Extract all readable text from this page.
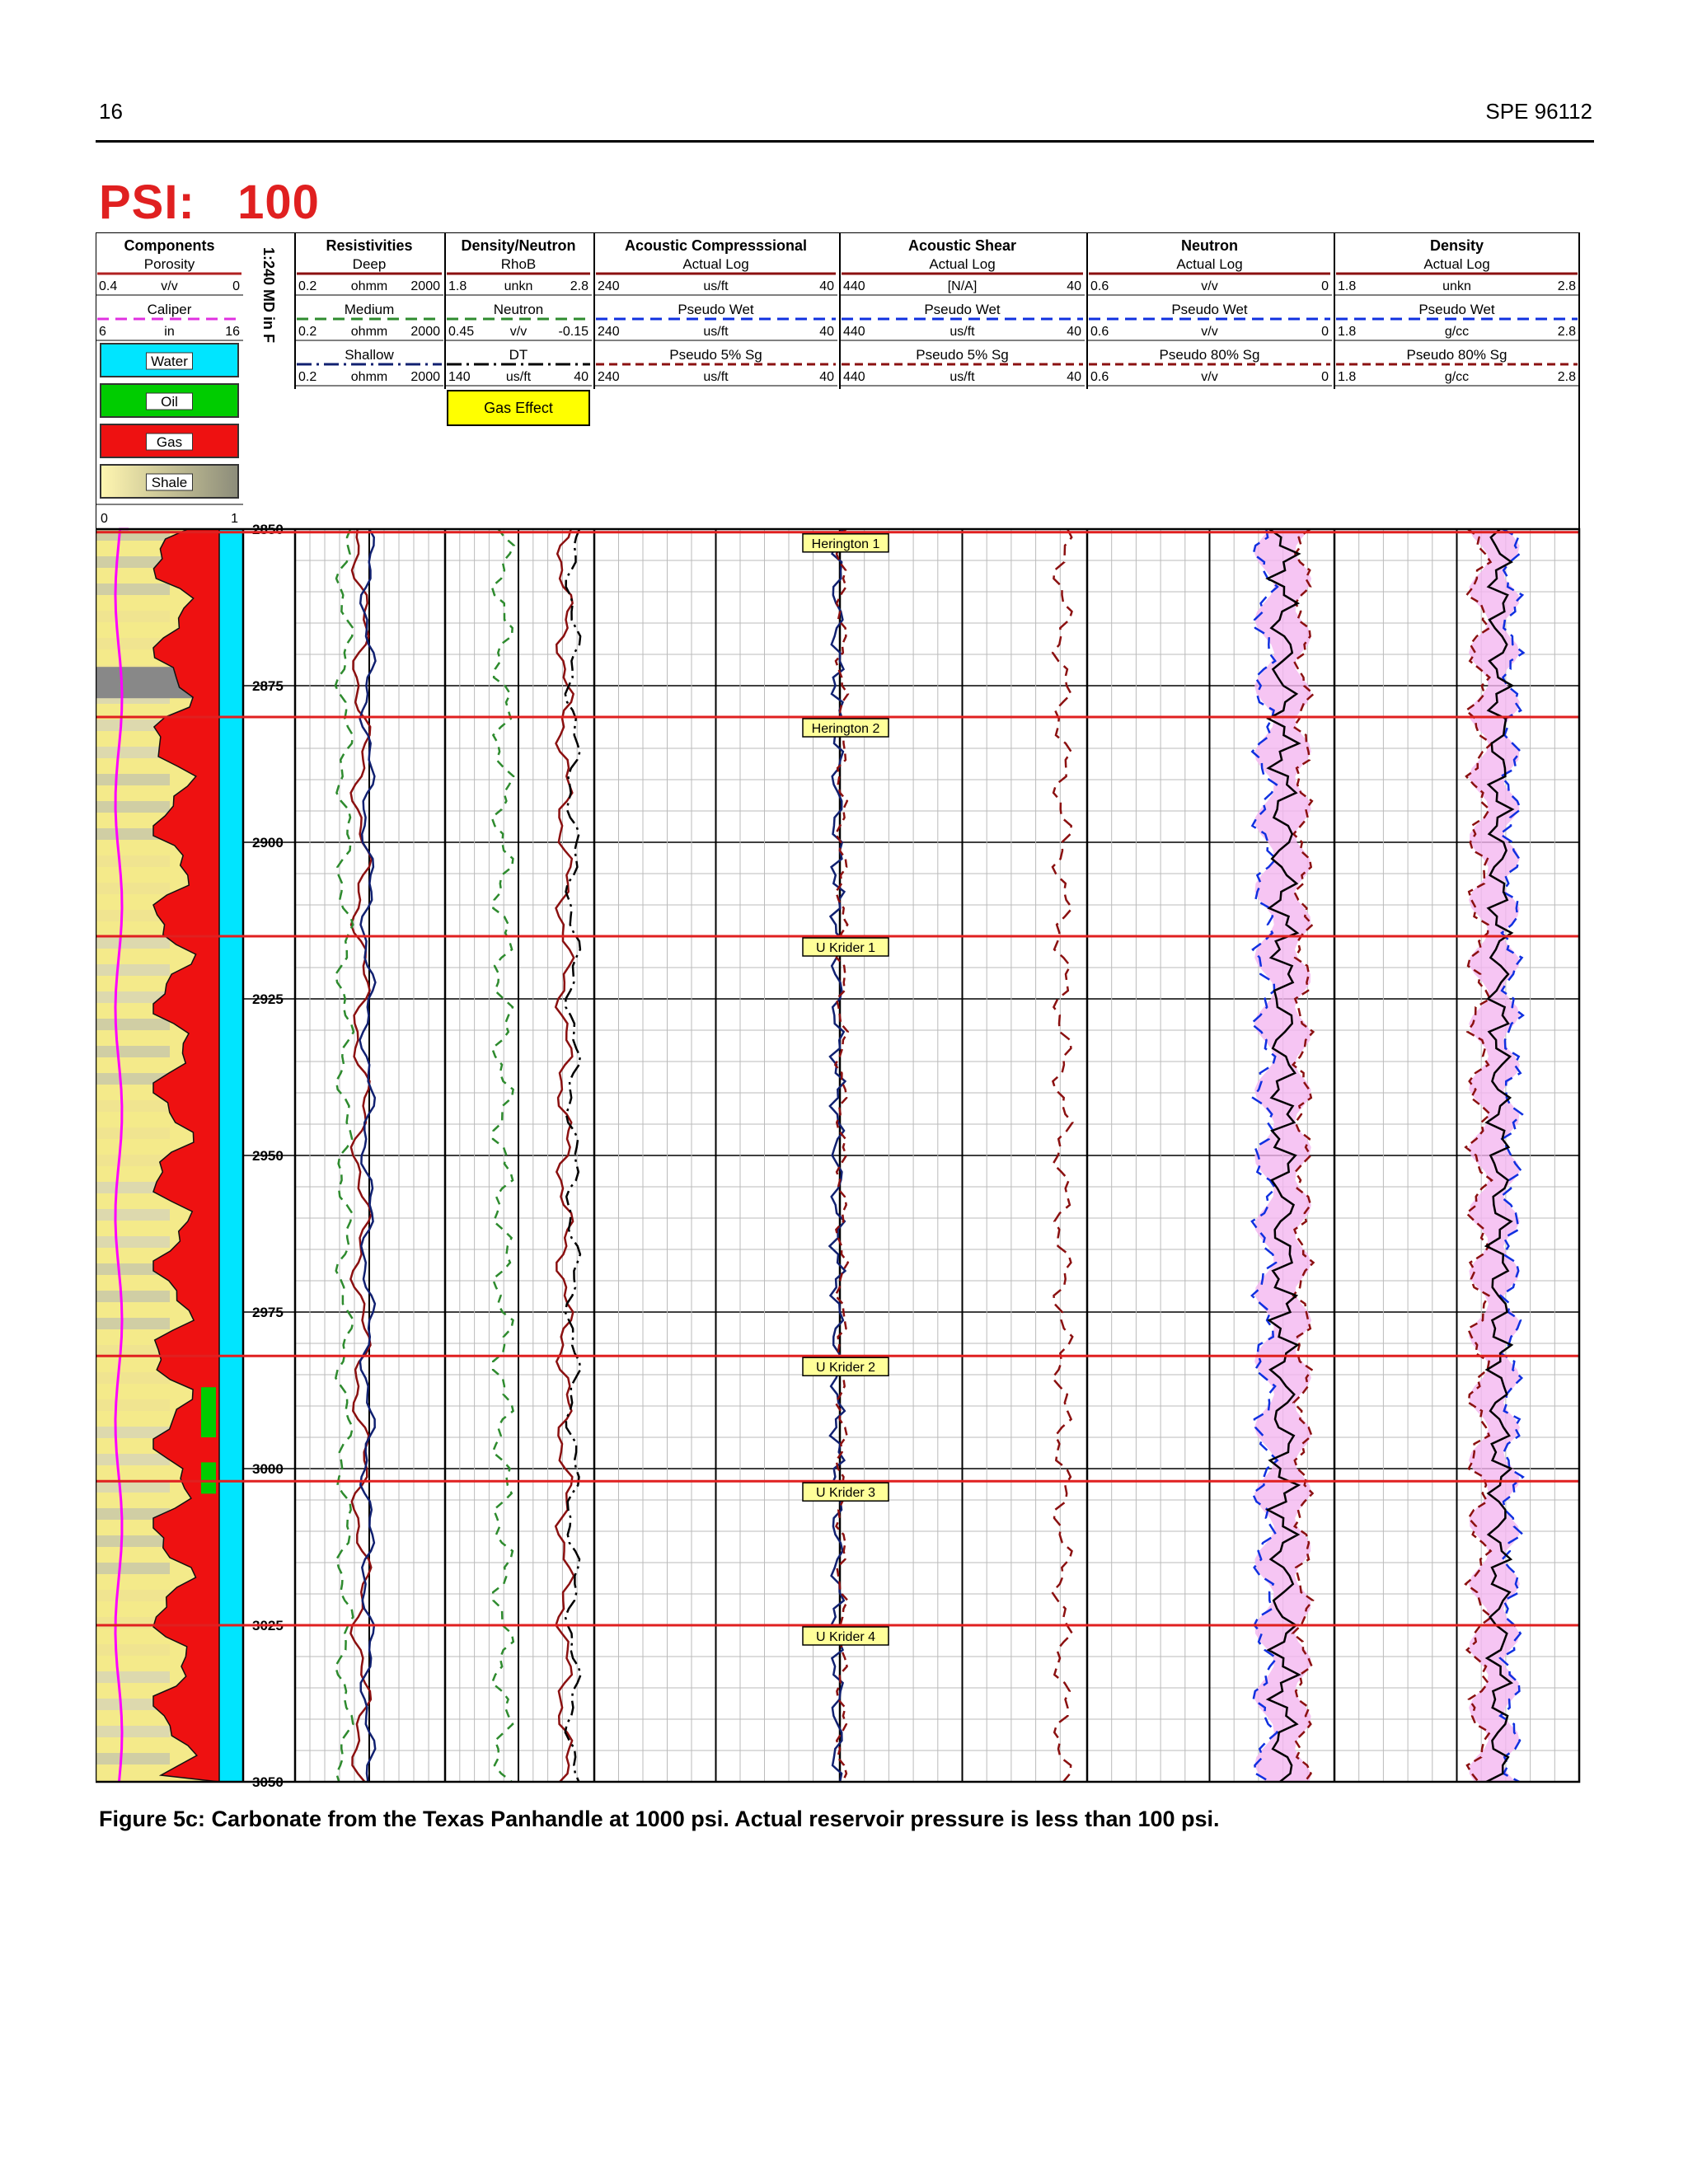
16	SPE 96112
PSI:   100
Components
Porosity
0.4	v/v	0
Caliper
6	in	16
Water
Oil
Gas
Shale
0	1
Resistivities
Deep
0.2	ohmm 2000
Medium
0.2	ohmm 2000
Shallow
0.2	ohmm 2000
Density/Neutron
RhoB
1.8	unkn	2.8
Neutron
0.45	v/v -0.15
DT
140	us/ft	40
Gas Effect
Acoustic Compresssional
Actual Log
240	us/ft	40
Pseudo Wet
240	us/ft	40
Pseudo 5% Sg
240	us/ft	40
Acoustic Shear
Actual Log
440	[N/A]	40
Pseudo Wet
440	us/ft	40
Pseudo 5% Sg
440	us/ft	40
Neutron
Actual Log
0.6	v/v	0
Pseudo Wet
0.6	v/v	0
Pseudo 80% Sg
0.6	v/v	0
Density
Actual Log
1.8	unkn	2.8
Pseudo Wet
1.8	g/cc	2.8
Pseudo 80% Sg
1.8	g/cc	2.8
1:240 MD in F
2850
2875
2900
2925
2950
2975
3000
3025
3050
Herington 1
Herington 2
U Krider 1
U Krider 2
U Krider 3
U Krider 4
Figure 5c: Carbonate from the Texas Panhandle at 1000 psi. Actual reservoir pressure is less than 100 psi.
